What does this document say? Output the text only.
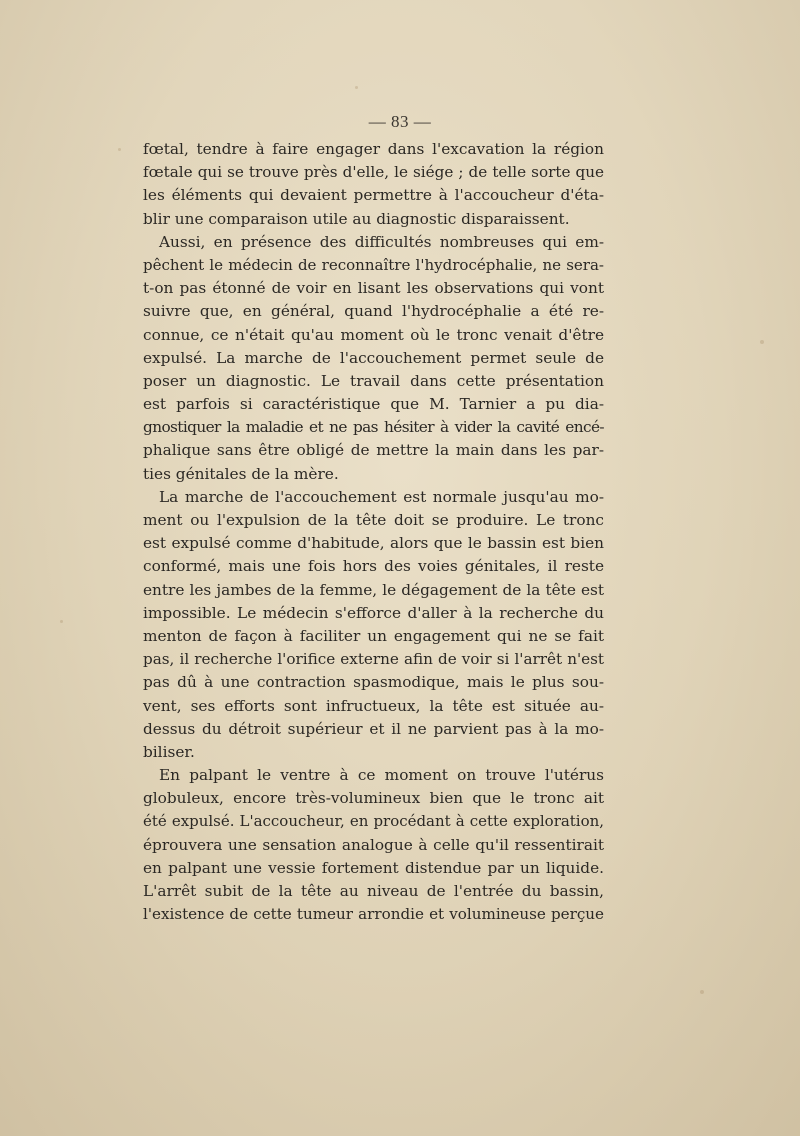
— 83 —
fœtal, tendre à faire engager dans l'excavation la région
fœtale qui se trouve près d'elle, le siége ; de telle sorte que
les éléments qui devaient permettre à l'accoucheur d'éta-
blir une comparaison utile au diagnostic disparaissent.
Aussi, en présence des difficultés nombreuses qui em-
pêchent le médecin de reconnaître l'hydrocéphalie, ne sera-
t-on pas étonné de voir en lisant les observations qui vont
suivre que, en général, quand l'hydrocéphalie a été re-
connue, ce n'était qu'au moment où le tronc venait d'être
expulsé. La marche de l'accouchement permet seule de
poser un diagnostic. Le travail dans cette présentation
est parfois si caractéristique que M. Tarnier a pu dia-
gnostiquer la maladie et ne pas hésiter à vider la cavité encé-
phalique sans être obligé de mettre la main dans les par-
ties génitales de la mère.
La marche de l'accouchement est normale jusqu'au mo-
ment ou l'expulsion de la tête doit se produire. Le tronc
est expulsé comme d'habitude, alors que le bassin est bien
conformé, mais une fois hors des voies génitales, il reste
entre les jambes de la femme, le dégagement de la tête est
impossible. Le médecin s'efforce d'aller à la recherche du
menton de façon à faciliter un engagement qui ne se fait
pas, il recherche l'orifice externe afin de voir si l'arrêt n'est
pas dû à une contraction spasmodique, mais le plus sou-
vent, ses efforts sont infructueux, la tête est située au-
dessus du détroit supérieur et il ne parvient pas à la mo-
biliser.
En palpant le ventre à ce moment on trouve l'utérus
globuleux, encore très-volumineux bien que le tronc ait
été expulsé. L'accoucheur, en procédant à cette exploration,
éprouvera une sensation analogue à celle qu'il ressentirait
en palpant une vessie fortement distendue par un liquide.
L'arrêt subit de la tête au niveau de l'entrée du bassin,
l'existence de cette tumeur arrondie et volumineuse perçue
